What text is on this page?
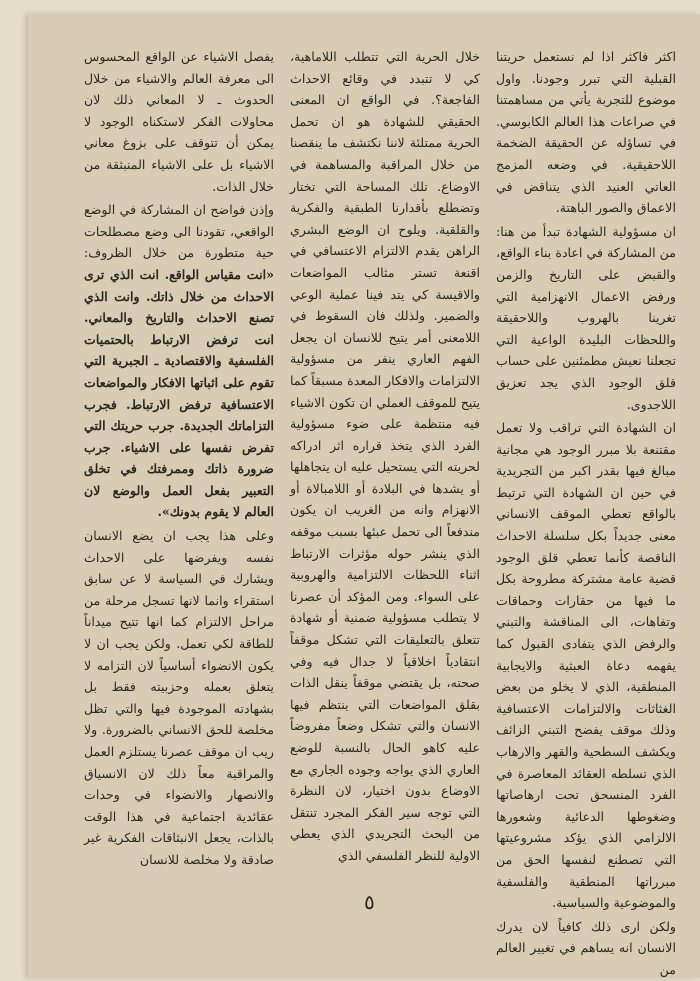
اكثر فاكثر اذا لم نستعمل حريتنا القبلية التي تبرر وجودنا. واول موضوع للتجربة يأتي من مساهمتنا في صراعات هذا العالم الكابوسي. في تساؤله عن الحقيقة الضخمة اللاحقيقية. في وضعه المزمج العاتي العنيد الذي يتناقض في الاعماق والصور الباهتة.

ان مسؤولية الشهادة تبدأ من هنا: من المشاركة في اعادة بناء الواقع، والقبض على التاريخ والزمن ورفض الاعمال الانهزامية التي تغرينا بالهروب واللاحقيقة واللحظات البليدة الواعية التي تجعلنا نعيش مطمئنين على حساب قلق الوجود الذي يجد تعزيق اللاجدوى.

ان الشهادة التي تراقب ولا تعمل مقتنعة بلا مبرر الوجود هي مجانية مبالغ فيها بقدر اكبر من التجريدية في حين ان الشهادة التي ترتبط بالواقع تعطي الموقف الانساني معنى جديداً بكل سلسلة الاحداث الناقصة كأنما تعطي قلق الوجود قضية عامة مشتركة مطروحة بكل ما فيها من حقارات وحماقات وتفاهات، الى المناقشة والتبني والرفض الذي يتفادى القبول كما يفهمه دعاة العبثية والايجابية المنطقية، الذي لا يخلو من بعض الغثاثات والالتزامات الاعتسافية وذلك موقف يفضح التبني الزائف ويكشف السطحية والقهر والارهاب الذي تسلطه العقائد المعاصرة في الفرد المنسحق تحت ارهاصاتها وضغوطها الدعائية وشعورها الالزامي الذي يؤكد مشروعيتها التي تصطنع لنفسها الحق من مبرراتها المنطقية والفلسفية والموضوعية والسياسية.

ولكن ارى ذلك كافياً لان يدرك الانسان انه يساهم في تغيير العالم من

خلال الحرية التي تتطلب اللاماهية، كي لا تتبدد في وقائع الاحداث الفاجعة؟. في الواقع ان المعنى الحقيقي للشهادة هو ان تحمل الحرية ممتلئة لاننا نكتشف ما ينقصنا من خلال المراقبة والمساهمة في الاوضاع. تلك المساحة التي تختار وتضطلع بأقدارنا الطبقية والفكرية والقلقية. ويلوح ان الوضع البشري الراهن يقدم الالتزام الاعتسافي في اقنعة تستر مثالب المواضعات والاقيسة كي يتد فينا عملية الوعي والضمير. ولذلك فان السقوط في اللامعنى أمر يتيح للانسان ان يجعل الفهم العاري ينفر من مسؤولية الالتزامات والافكار المعدة مسبقاً كما يتيح للموقف العملي ان تكون الاشياء فيه منتظمة على ضوء مسؤولية الفرد الذي يتخذ قراره اثر ادراكه لحريته التي يستحيل عليه ان يتجاهلها أو يشدها في البلادة أو اللامبالاة أو الانهزام وانه من الغريب ان يكون مندفعاً الى تحمل عبئها بسبب موقفه الذي ينشر حوله مؤثرات الارتباط اثناء اللحظات الالتزامية والهروبية على السواء. ومن المؤكد أن عصرنا لا يتطلب مسؤولية ضمنية أو شهادة تتعلق بالتعليقات التي تشكل موقفاً انتقادياً اخلاقياً لا جدال فيه وفي صحته، بل يقتضي موقفاً ينقل الذات بقلق المواضعات التي ينتظم فيها الانسان والتي تشكل وضعاً مفروضاً عليه كاهو الحال بالنسبة للوضع العاري الذي يواجه وجوده الجاري مع الاوضاع بدون اختيار، لان النظرة التي توجه سير الفكر المجرد تنتقل من البحث التجريدي الذي يعطي الاولية للنظر الفلسفي الذي

يفصل الاشياء عن الواقع المحسوس الى معرفة العالم والاشياء من خلال الحدوث ـ لا المعاني ذلك لان محاولات الفكر لاستكناه الوجود لا يمكن أن تتوقف على بزوغ معاني الاشياء بل على الاشياء المنبثقة من خلال الذات.

وإذن فواضح ان المشاركة في الوضع الواقعي، تقودنا الى وضع مصطلحات حية متطورة من خلال الظروف: «انت مقياس الواقع. انت الذي ترى الاحداث من خلال ذاتك. وانت الذي تصنع الاحداث والتاريخ والمعاني. انت ترفض الارتباط بالحتميات الفلسفية والاقتصادية ـ الجبرية التي تقوم على اثباتها الافكار والمواضعات الاعتسافية ترفض الارتباط. فجرب التزاماتك الجديدة. جرب حريتك التي تفرض نفسها على الاشياء. جرب ضرورة ذاتك وممرفتك في تخلق التعبير بفعل العمل والوضع لان العالم لا يقوم بدونك».

وعلى هذا يجب ان يضع الانسان نفسه ويفرضها على الاحداث ويشارك في السياسة لا عن سابق استقراء وانما لانها تسجل مرحلة من مراحل الالتزام كما انها تتيح ميداناً للطاقة لكي تعمل. ولكن يجب ان لا يكون الانضواء أساسياً لان التزامه لا يتعلق بعمله وحزبيته فقط بل بشهادته الموجودة فيها والتي تظل مخلصة للحق الانساني بالضرورة. ولا ريب ان موقف عصرنا يستلزم العمل والمراقبة معاً ذلك لان الانسياق والانصهار والانضواء في وحدات عقائدية اجتماعية في هذا الوقت بالذات، يجعل الانبثاقات الفكرية غير صادقة ولا مخلصة للانسان

٥
